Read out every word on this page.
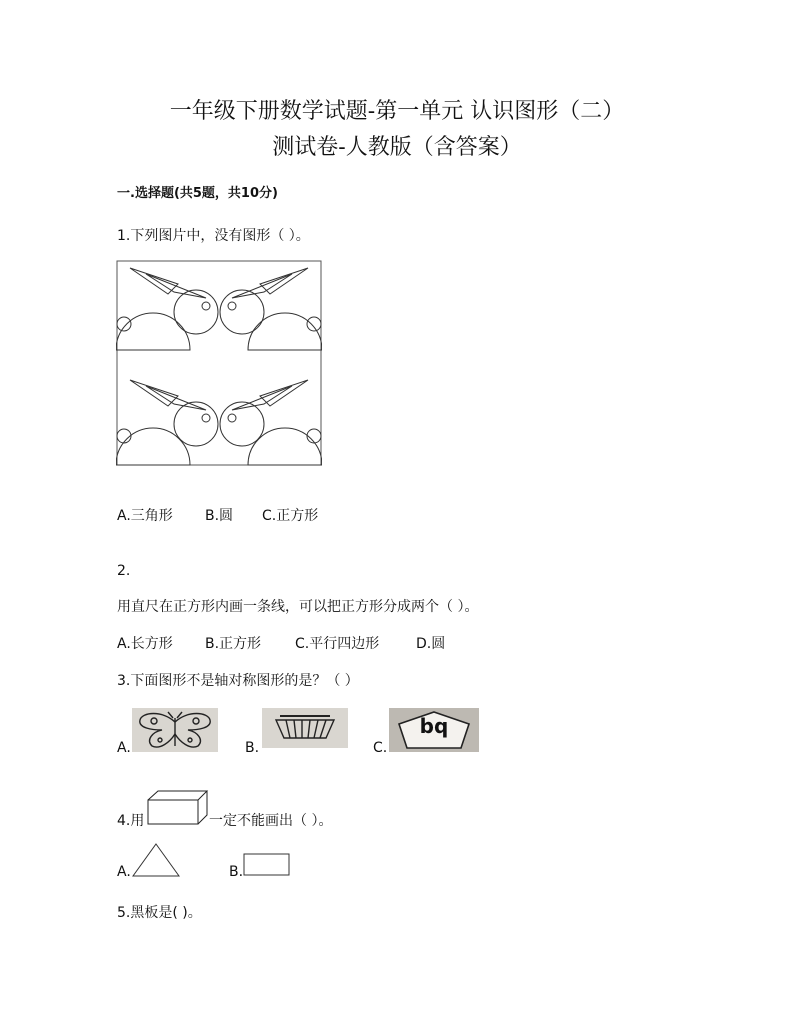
一年级下册数学试题-第一单元 认识图形（二）
测试卷-人教版（含答案）
一.选择题(共5题，共10分)
1.下列图片中，没有图形（ ）。
A.三角形 B.圆 C.正方形
2.
用直尺在正方形内画一条线，可以把正方形分成两个（ ）。
A.长方形 B.正方形 C.平行四边形	D.圆
3.下面图形不是轴对称图形的是？（ ）
A.	B.	C.
bq
4.用	一定不能画出（ ）。
A.	B.
5.黑板是( )。
